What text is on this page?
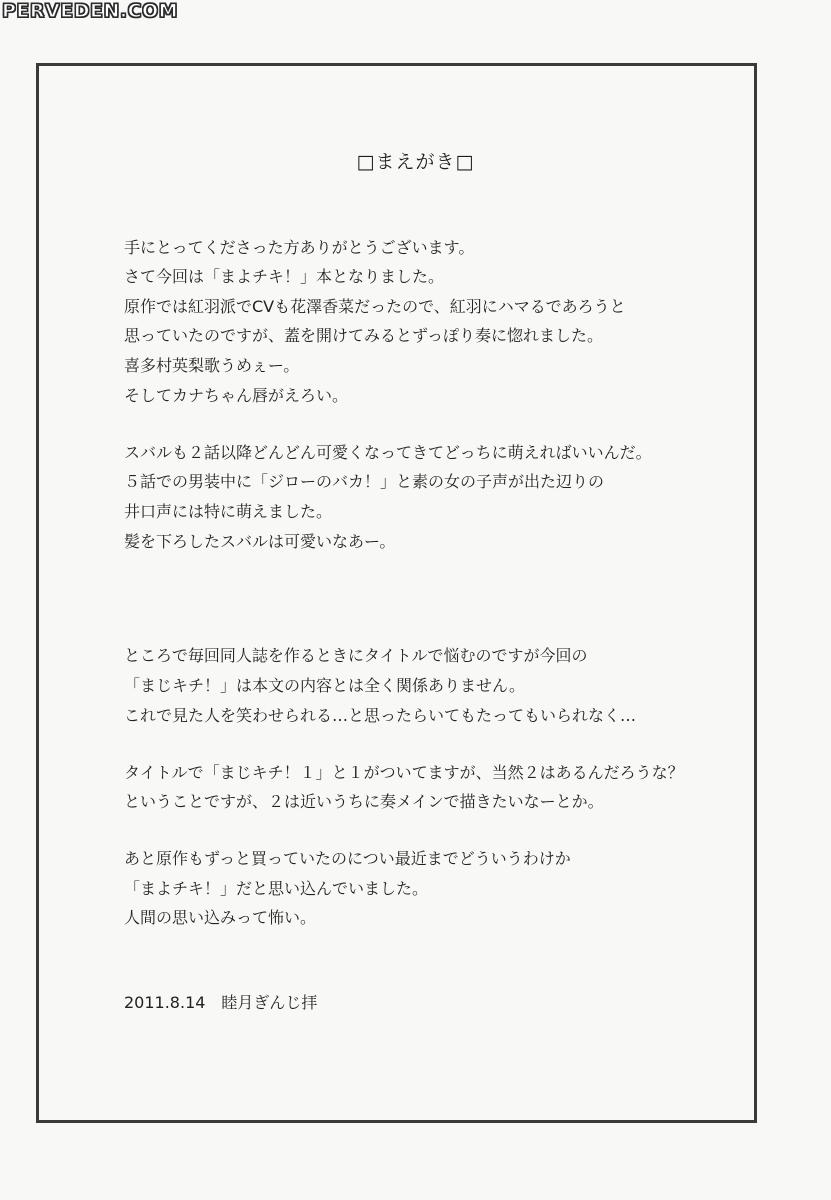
PERVEDEN.COM
□まえがき□
手にとってくださった方ありがとうございます。
さて今回は「まよチキ！」本となりました。
原作では紅羽派でCVも花澤香菜だったので、紅羽にハマるであろうと
思っていたのですが、蓋を開けてみるとずっぽり奏に惚れました。
喜多村英梨歌うめぇー。
そしてカナちゃん唇がえろい。
スバルも２話以降どんどん可愛くなってきてどっちに萌えればいいんだ。
５話での男装中に「ジローのバカ！」と素の女の子声が出た辺りの
井口声には特に萌えました。
髪を下ろしたスバルは可愛いなあー。
ところで毎回同人誌を作るときにタイトルで悩むのですが今回の
「まじキチ！」は本文の内容とは全く関係ありません。
これで見た人を笑わせられる…と思ったらいてもたってもいられなく…
タイトルで「まじキチ！１」と１がついてますが、当然２はあるんだろうな？
ということですが、２は近いうちに奏メインで描きたいなーとか。
あと原作もずっと買っていたのについ最近までどういうわけか
「まよチキ！」だと思い込んでいました。
人間の思い込みって怖い。
2011.8.14　睦月ぎんじ拝
